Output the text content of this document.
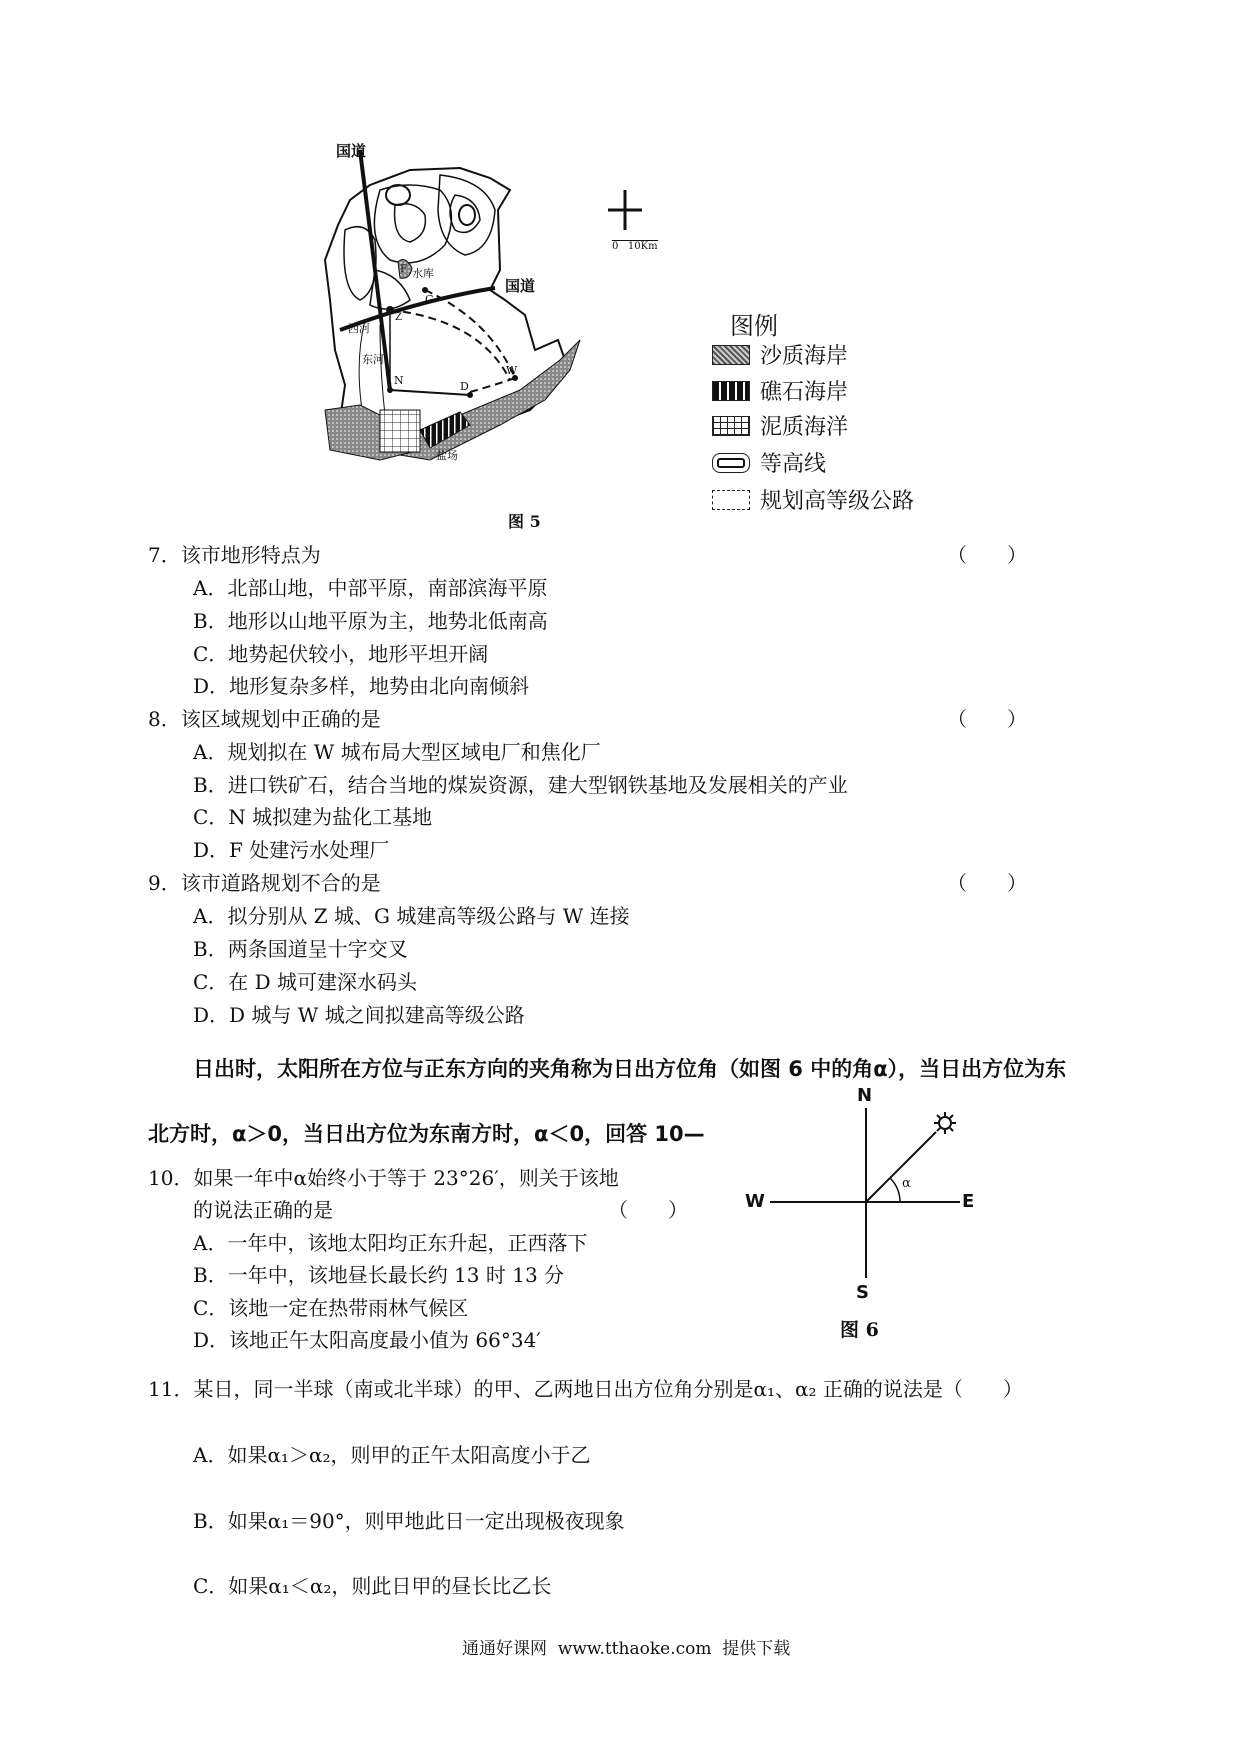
国道
国道
水库
F
G
Z
西河
东河
N	D
W
盐场
图 5
0   10Km
图例
沙质海岸
礁石海岸
泥质海洋
等高线
规划高等级公路
7．该市地形特点为	（　　）
A．北部山地，中部平原，南部滨海平原
B．地形以山地平原为主，地势北低南高
C．地势起伏较小，地形平坦开阔
D．地形复杂多样，地势由北向南倾斜
8．该区域规划中正确的是	（　　）
A．规划拟在 W 城布局大型区域电厂和焦化厂
B．进口铁矿石，结合当地的煤炭资源，建大型钢铁基地及发展相关的产业
C．N 城拟建为盐化工基地
D．F 处建污水处理厂
9．该市道路规划不合的是	（　　）
A．拟分别从 Z 城、G 城建高等级公路与 W 连接
B．两条国道呈十字交叉
C．在 D 城可建深水码头
D．D 城与 W 城之间拟建高等级公路
日出时，太阳所在方位与正东方向的夹角称为日出方位角（如图 6 中的角α），当日出方位为东
北方时，α＞0，当日出方位为东南方时，α＜0，回答 10—
N
S
W	E
α
图 6
10．如果一年中α始终小于等于 23°26′，则关于该地
的说法正确的是	（　　）
A．一年中，该地太阳均正东升起，正西落下
B．一年中，该地昼长最长约 13 时 13 分
C．该地一定在热带雨林气候区
D．该地正午太阳高度最小值为 66°34′
11．某日，同一半球（南或北半球）的甲、乙两地日出方位角分别是α₁、α₂ 正确的说法是（　　）
A．如果α₁＞α₂，则甲的正午太阳高度小于乙
B．如果α₁＝90°，则甲地此日一定出现极夜现象
C．如果α₁＜α₂，则此日甲的昼长比乙长
通通好课网  www.tthaoke.com  提供下载
